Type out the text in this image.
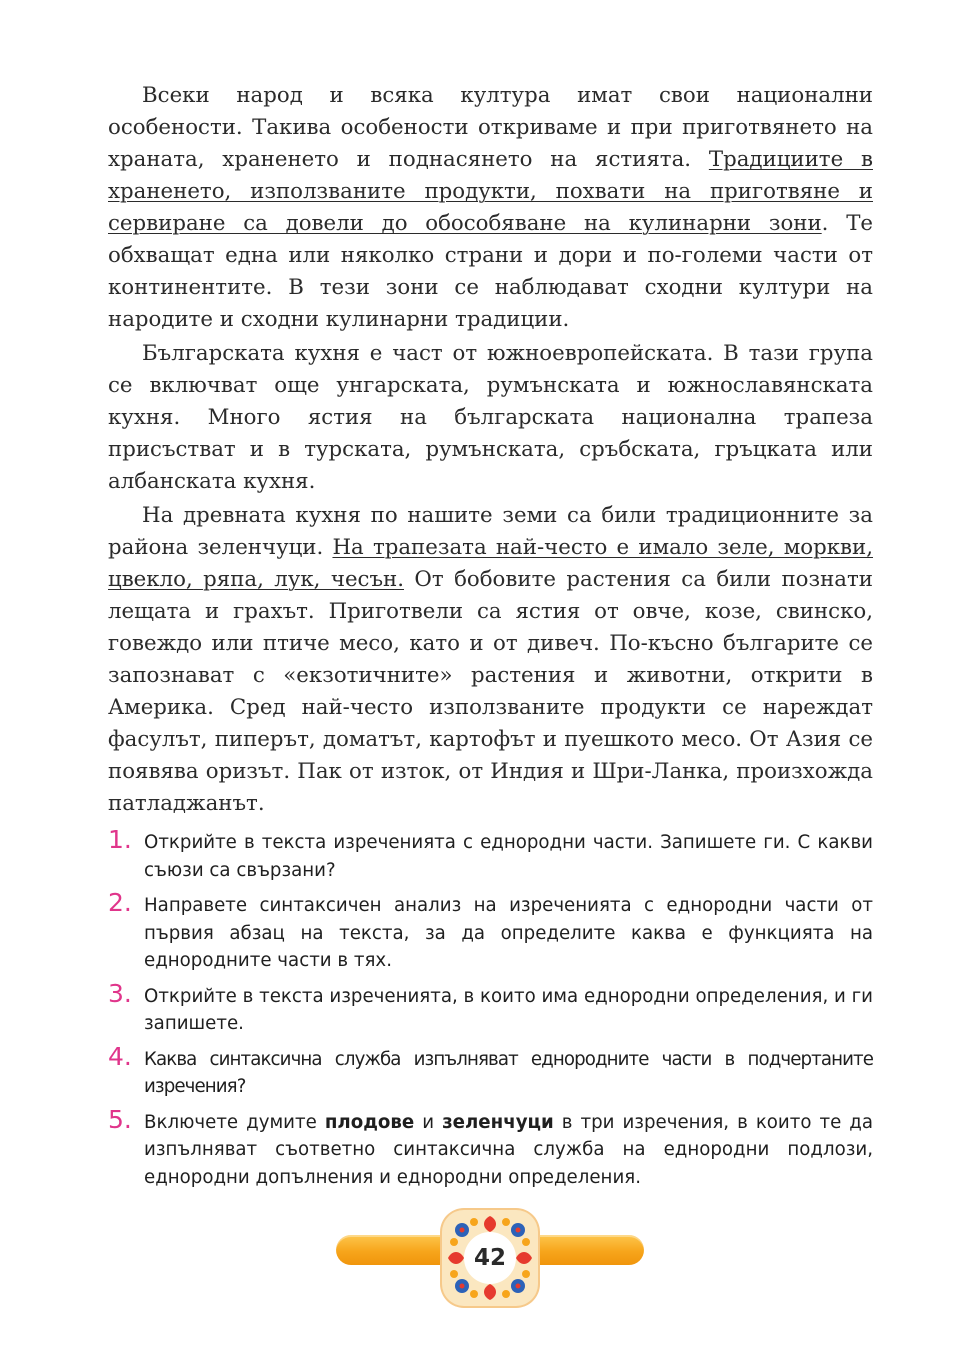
Всеки народ и всяка култура имат свои национални особености. Такива особености откриваме и при приготвянето на храната, храненето и поднасянето на ястията. Традициите в храненето, използваните продукти, похвати на приготвяне и сервиране са довели до обособяване на кулинарни зони. Те обхващат една или няколко страни и дори и по-големи части от континентите. В тези зони се наблюдават сходни култури на народите и сходни кулинарни традиции.

Българската кухня е част от южноевропейската. В тази група се включват още унгарската, румънската и южнославянската кухня. Много ястия на българската национална трапеза присъстват и в турската, румънската, сръбската, гръцката или албанската кухня.

На древната кухня по нашите земи са били традиционните за района зеленчуци. На трапезата най-често е имало зеле, моркви, цвекло, ряпа, лук, чесън. От бобовите растения са били познати лещата и грахът. Приготвели са ястия от овче, козе, свинско, говеждо или птиче месо, като и от дивеч. По-късно българите се запознават с «екзотичните» растения и животни, открити в Америка. Сред най-често използваните продукти се нареждат фасулът, пиперът, доматът, картофът и пуешкото месо. От Азия се появява оризът. Пак от изток, от Индия и Шри-Ланка, произхожда патладжанът.

1. Открийте в текста изреченията с еднородни части. Запишете ги. С какви съюзи са свързани?
2. Направете синтаксичен анализ на изреченията с еднородни части от първия абзац на текста, за да определите каква е функцията на еднородните части в тях.
3. Открийте в текста изреченията, в които има еднородни определения, и ги запишете.
4. Каква синтаксична служба изпълняват еднородните части в подчертаните изречения?
5. Включете думите плодове и зеленчуци в три изречения, в които те да изпълняват съответно синтаксична служба на еднородни подлози, еднородни допълнения и еднородни определения.
42
